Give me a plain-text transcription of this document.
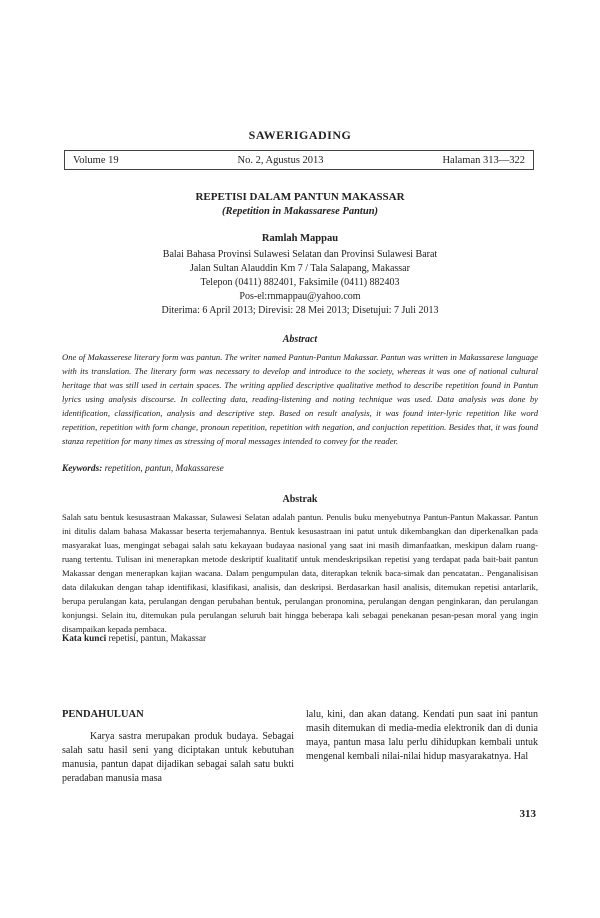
SAWERIGADING
Volume 19	No. 2, Agustus 2013	Halaman 313—322
REPETISI DALAM PANTUN MAKASSAR
(Repetition in Makassarese Pantun)
Ramlah Mappau
Balai Bahasa Provinsi Sulawesi Selatan dan Provinsi Sulawesi Barat
Jalan Sultan Alauddin Km 7 / Tala Salapang, Makassar
Telepon (0411) 882401, Faksimile (0411) 882403
Pos-el:rnmappau@yahoo.com
Diterima: 6 April 2013; Direvisi: 28 Mei 2013; Disetujui: 7 Juli 2013
Abstract

One of Makasserese literary form was pantun. The writer named Pantun-Pantun Makassar. Pantun was written in Makassarese language with its translation. The literary form was necessary to develop and introduce to the society, whereas it was one of national cultural heritage that was still used in certain spaces. The writing applied descriptive qualitative method to describe repetition found in Pantun lyrics using analysis discourse. In collecting data, reading-listening and noting technique was used. Data analysis was done by identification, classification, analysis and descriptive step. Based on result analysis, it was found inter-lyric repetition like word repetition, repetition with form change, pronoun repetition, repetition with negation, and conjuction repetition. Besides that, it was found stanza repetition for many times as stressing of moral messages intended to convey for the reader.

Keywords: repetition, pantun, Makassarese

Abstrak

Salah satu bentuk kesusastraan Makassar, Sulawesi Selatan adalah pantun. Penulis buku menyebutnya Pantun-Pantun Makassar. Pantun ini ditulis dalam bahasa Makassar beserta terjemahannya. Bentuk kesusastraan ini patut untuk dikembangkan dan diperkenalkan pada masyarakat luas, mengingat sebagai salah satu kekayaan budayaa nasional yang saat ini masih dimanfaatkan, meskipun dalam ruang-ruang tertentu. Tulisan ini menerapkan metode deskriptif kualitatif untuk mendeskripsikan repetisi yang terdapat pada bait-bait pantun Makassar dengan menerapkan kajian wacana. Dalam pengumpulan data, diterapkan teknik baca-simak dan pencatatan.. Penganalisisan data dilakukan dengan tahap identifikasi, klasifikasi, analisis, dan deskripsi. Berdasarkan hasil analisis, ditemukan repetisi antarlarik, berupa perulangan kata, perulangan dengan perubahan bentuk, perulangan pronomina, perulangan dengan penginkaran, dan perulangan konjungsi. Selain itu, ditemukan pula perulangan seluruh bait hingga beberapa kali sebagai penekanan pesan-pesan moral yang ingin disampaikan kepada pembaca.

Kata kunci repetisi, pantun, Makassar

PENDAHULUAN

Karya sastra merupakan produk budaya. Sebagai salah satu hasil seni yang diciptakan untuk kebutuhan manusia, pantun dapat dijadikan sebagai salah satu bukti peradaban manusia masa

lalu, kini, dan akan datang. Kendati pun saat ini pantun masih ditemukan di media-media elektronik dan di dunia maya, pantun masa lalu perlu dihidupkan kembali untuk mengenal kembali nilai-nilai hidup masyarakatnya. Hal

313
